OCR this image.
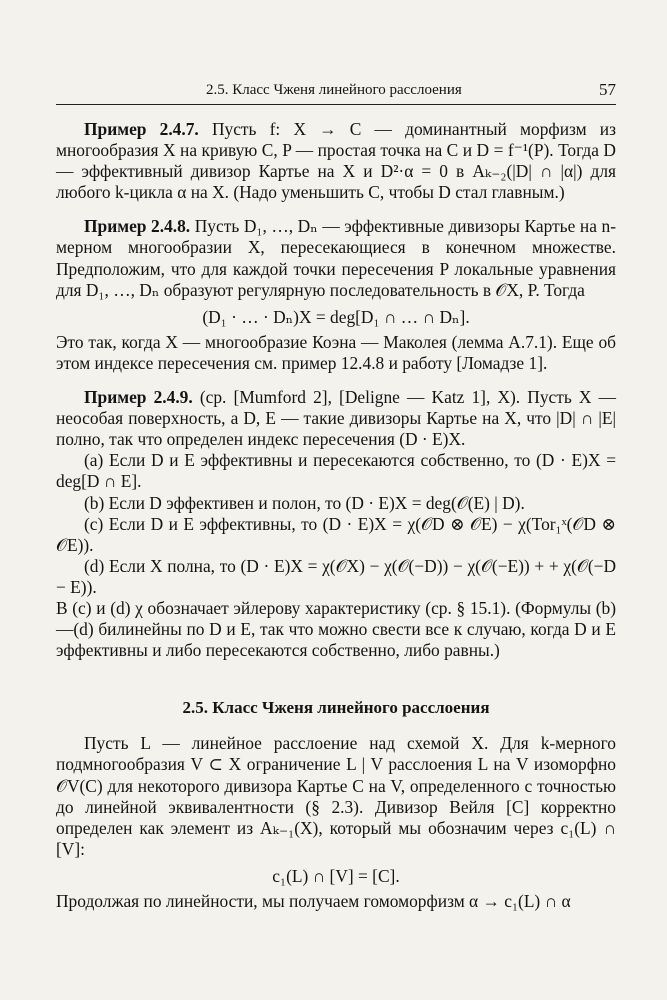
2.5. Класс Чженя линейного расслоения	57

Пример 2.4.7. Пусть f: X → C — доминантный морфизм из многообразия X на кривую C, P — простая точка на C и D = f⁻¹(P). Тогда D — эффективный дивизор Картье на X и D²·α = 0 в Aₖ₋₂(|D| ∩ |α|) для любого k-цикла α на X. (Надо уменьшить C, чтобы D стал главным.)

Пример 2.4.8. Пусть D₁, …, Dₙ — эффективные дивизоры Картье на n-мерном многообразии X, пересекающиеся в конечном множестве. Предположим, что для каждой точки пересечения P локальные уравнения для D₁, …, Dₙ образуют регулярную последовательность в 𝒪X, P. Тогда

(D₁ · … · Dₙ)X = deg[D₁ ∩ … ∩ Dₙ].

Это так, когда X — многообразие Коэна — Маколея (лемма А.7.1). Еще об этом индексе пересечения см. пример 12.4.8 и работу [Ломадзе 1].

Пример 2.4.9. (ср. [Mumford 2], [Deligne — Katz 1], X). Пусть X — неособая поверхность, а D, E — такие дивизоры Картье на X, что |D| ∩ |E| полно, так что определен индекс пересечения (D · E)X.

(а) Если D и E эффективны и пересекаются собственно, то (D · E)X = deg[D ∩ E].

(b) Если D эффективен и полон, то (D · E)X = deg(𝒪(E) | D).

(c) Если D и E эффективны, то (D · E)X = χ(𝒪D ⊗ 𝒪E) − χ(Tor₁ˣ(𝒪D ⊗ 𝒪E)).

(d) Если X полна, то (D · E)X = χ(𝒪X) − χ(𝒪(−D)) − χ(𝒪(−E)) + + χ(𝒪(−D − E)).

В (c) и (d) χ обозначает эйлерову характеристику (ср. § 15.1). (Формулы (b)—(d) билинейны по D и E, так что можно свести все к случаю, когда D и E эффективны и либо пересекаются собственно, либо равны.)

2.5. Класс Чженя линейного расслоения

Пусть L — линейное расслоение над схемой X. Для k-мерного подмногообразия V ⊂ X ограничение L | V расслоения L на V изоморфно 𝒪V(C) для некоторого дивизора Картье C на V, определенного с точностью до линейной эквивалентности (§ 2.3). Дивизор Вейля [C] корректно определен как элемент из Aₖ₋₁(X), который мы обозначим через c₁(L) ∩ [V]:

c₁(L) ∩ [V] = [C].

Продолжая по линейности, мы получаем гомоморфизм α → c₁(L) ∩ α
